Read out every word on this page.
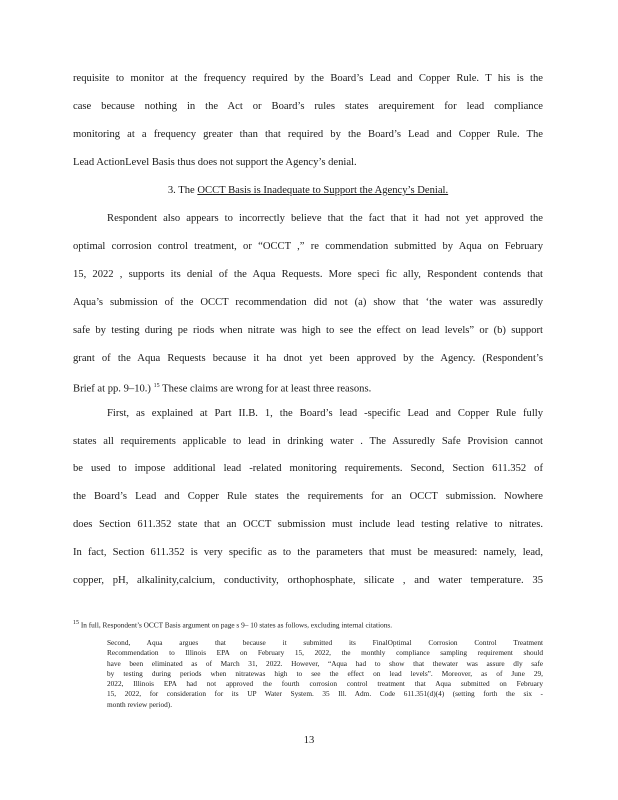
requisite to monitor at the frequency required by the Board’s Lead and Copper Rule. T his is the
case because nothing in the Act or Board’s rules states arequirement for lead compliance
monitoring at a frequency greater than that required by the Board’s Lead and Copper Rule. The
Lead ActionLevel Basis thus does not support the Agency’s denial.
3. The OCCT Basis is Inadequate to Support the Agency’s Denial.
Respondent also appears to incorrectly believe that the fact that it had not yet approved the
optimal corrosion control treatment, or “OCCT ,” re commendation submitted by Aqua on February
15, 2022 , supports its denial of the Aqua Requests. More speci fic ally, Respondent contends that
Aqua’s submission of the OCCT recommendation did not (a) show that ‘the water was assuredly
safe by testing during pe riods when nitrate was high to see the effect on lead levels” or (b) support
grant of the Aqua Requests because it ha dnot yet been approved by the Agency. (Respondent’s
Brief at pp. 9–10.) $^{15}$ These claims are wrong for at least three reasons.
First, as explained at Part II.B. 1, the Board’s lead -specific Lead and Copper Rule fully
states all requirements applicable to lead in drinking water . The Assuredly Safe Provision cannot
be used to impose additional lead -related monitoring requirements. Second, Section 611.352 of
the Board’s Lead and Copper Rule states the requirements for an OCCT submission. Nowhere
does Section 611.352 state that an OCCT submission must include lead testing relative to nitrates.
In fact, Section 611.352 is very specific as to the parameters that must be measured: namely, lead,
copper, pH, alkalinity,calcium, conductivity, orthophosphate, silicate , and water temperature. 35
$^{15}$ In full, Respondent’s OCCT Basis argument on page s 9– 10 states as follows, excluding internal citations.
Second, Aqua argues that because it submitted its FinalOptimal Corrosion Control Treatment
Recommendation to Illinois EPA on February 15, 2022, the monthly compliance sampling requirement should
have been eliminated as of March 31, 2022. However, “Aqua had to show that thewater was assure dly safe
by testing during periods when nitratewas high to see the effect on lead levels”. Moreover, as of June 29,
2022, Illinois EPA had not approved the fourth corrosion control treatment that Aqua submitted on February
15, 2022, for consideration for its UP Water System. 35 Ill. Adm. Code 611.351(d)(4) (setting forth the six -
month review period).
13
